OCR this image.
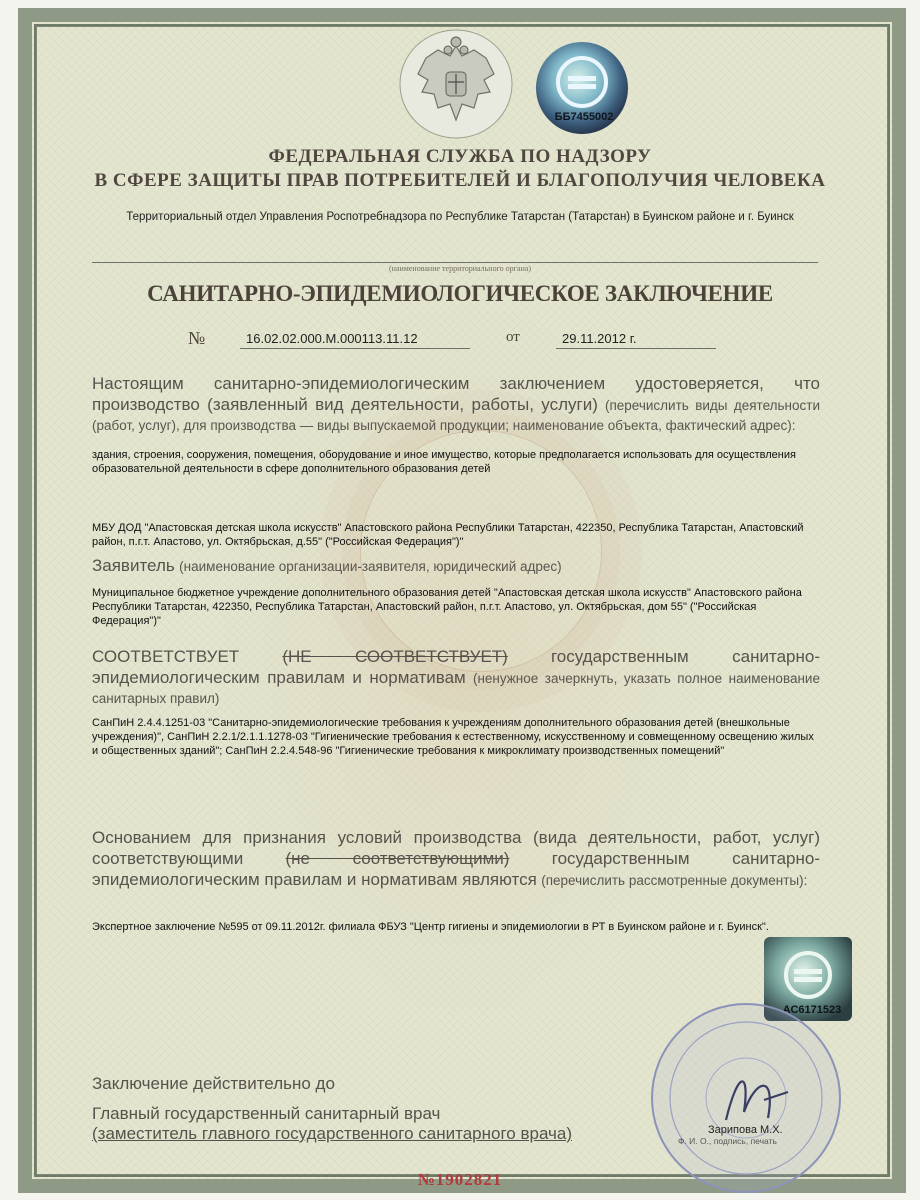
ББ7455002
ФЕДЕРАЛЬНАЯ СЛУЖБА ПО НАДЗОРУ
В СФЕРЕ ЗАЩИТЫ ПРАВ ПОТРЕБИТЕЛЕЙ И БЛАГОПОЛУЧИЯ ЧЕЛОВЕКА
Территориальный отдел Управления Роспотребнадзора по Республике Татарстан (Татарстан) в Буинском районе и г. Буинск
(наименование территориального органа)
САНИТАРНО-ЭПИДЕМИОЛОГИЧЕСКОЕ ЗАКЛЮЧЕНИЕ
№	16.02.02.000.М.000113.11.12	от	29.11.2012 г.
Настоящим санитарно-эпидемиологическим заключением удостоверяется, что производство (заявленный вид деятельности, работы, услуги) (перечислить виды деятельности (работ, услуг), для производства — виды выпускаемой продукции; наименование объекта, фактический адрес):
здания, строения, сооружения, помещения, оборудование и иное имущество, которые предполагается использовать для осуществления образовательной деятельности в сфере дополнительного образования детей
МБУ ДОД "Апастовская детская школа искусств" Апастовского района Республики Татарстан, 422350, Республика Татарстан, Апастовский район, п.г.т. Апастово, ул. Октябрьская, д.55" ("Российская Федерация")"
Заявитель (наименование организации-заявителя, юридический адрес)
Муниципальное бюджетное учреждение дополнительного образования детей "Апастовская детская школа искусств" Апастовского района Республики Татарстан, 422350, Республика Татарстан, Апастовский район, п.г.т. Апастово, ул. Октябрьская, дом 55" ("Российская Федерация")"
СООТВЕТСТВУЕТ	(НЕ СООТВЕТСТВУЕТ)	государственным санитарно-эпидемиологическим правилам и нормативам (ненужное зачеркнуть, указать полное наименование санитарных правил)
СанПиН 2.4.4.1251-03 "Санитарно-эпидемиологические требования к учреждениям дополнительного образования детей (внешкольные учреждения)", СанПиН 2.2.1/2.1.1.1278-03 "Гигиенические требования к естественному, искусственному и совмещенному освещению жилых и общественных зданий"; СанПиН 2.2.4.548-96 "Гигиенические требования к микроклимату производственных помещений"
Основанием для признания условий производства (вида деятельности, работ, услуг) соответствующими (не соответствующими) государственным санитарно-эпидемиологическим правилам и нормативам являются (перечислить рассмотренные документы):
Экспертное заключение №595 от 09.11.2012г. филиала ФБУЗ "Центр гигиены и эпидемиологии в РТ в Буинском районе и г. Буинск".
АС6171523
Заключение действительно до
Главный государственный санитарный врач
(заместитель главного государственного санитарного врача)	Зарипова М.Х.
Ф. И. О., подпись, печать
№1902821
